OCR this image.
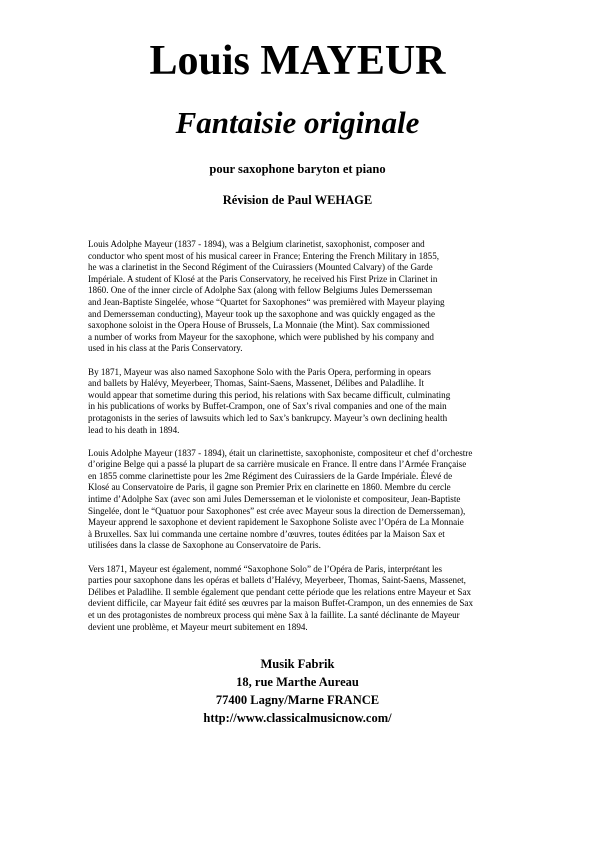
Louis MAYEUR
Fantaisie originale
pour saxophone baryton et piano
Révision de Paul WEHAGE
Louis Adolphe Mayeur (1837 - 1894), was a Belgium clarinetist, saxophonist, composer and
conductor who spent most of his musical career in France; Entering the French Military in 1855,
he was a clarinetist in the Second Régiment of the Cuirassiers (Mounted Calvary) of the Garde
Impériale. A student of Klosé at the Paris Conservatory, he received his First Prize in Clarinet in
1860. One of the inner circle of Adolphe Sax (along with fellow Belgiums Jules Demersseman
and Jean-Baptiste Singelée, whose “Quartet for Saxophones“ was premièred with Mayeur playing
and Demersseman conducting), Mayeur took up the saxophone and was quickly engaged as the
saxophone soloist in the Opera House of Brussels, La Monnaie (the Mint). Sax commissioned
a number of works from Mayeur for the saxophone, which were published by his company and
used in his class at the Paris Conservatory.
By 1871, Mayeur was also named Saxophone Solo with the Paris Opera, performing in opears
and ballets by Halévy, Meyerbeer, Thomas, Saint-Saens, Massenet, Délibes and Paladlihe. It
would appear that sometime during this period, his relations with Sax became difficult, culminating
in his publications of works by Buffet-Crampon, one of Sax’s rival companies and one of the main
protagonists in the series of lawsuits which led to Sax’s bankrupcy. Mayeur’s own declining health
lead to his death in 1894.
Louis Adolphe Mayeur (1837 - 1894), était un clarinettiste, saxophoniste, compositeur et chef d’orchestre
d’origine Belge qui a passé la plupart de sa carrière musicale en France. Il entre dans l’Armée Française
en 1855 comme clarinettiste pour les 2me Régiment des Cuirassiers de la Garde Impériale. Élevé de
Klosé au Conservatoire de Paris, il gagne son Premier Prix en clarinette en 1860. Membre du cercle
intime d’Adolphe Sax (avec son ami Jules Demersseman et le violoniste et compositeur, Jean-Baptiste
Singelée, dont le “Quatuor pour Saxophones” est crée avec Mayeur sous la direction de Demersseman),
Mayeur apprend le saxophone et devient rapidement le Saxophone Soliste avec l’Opéra de La Monnaie
à Bruxelles. Sax lui commanda une certaine nombre d’œuvres, toutes éditées par la Maison Sax et
utilisées dans la classe de Saxophone au Conservatoire de Paris.
Vers 1871, Mayeur est également, nommé “Saxophone Solo” de l’Opéra de Paris, interprétant les
parties pour saxophone dans les opéras et ballets d’Halévy, Meyerbeer, Thomas, Saint-Saens, Massenet,
Délibes et Paladlihe. Il semble également que pendant cette période que les relations entre Mayeur et Sax
devient difficile, car Mayeur fait édité ses œuvres par la maison Buffet-Crampon, un des ennemies de Sax
et un des protagonistes de nombreux process qui mène Sax à la faillite. La santé déclinante de Mayeur
devient une problème, et Mayeur meurt subitement en 1894.
Musik Fabrik
18, rue Marthe Aureau
77400 Lagny/Marne FRANCE
http://www.classicalmusicnow.com/
